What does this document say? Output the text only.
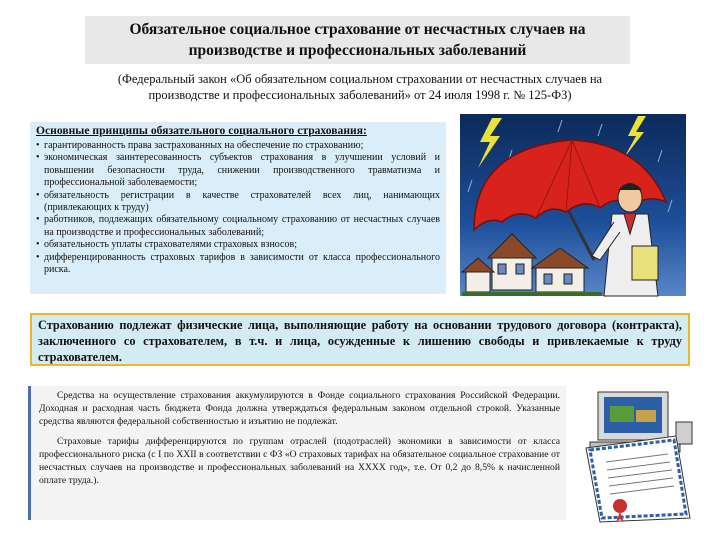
Обязательное социальное страхование от несчастных случаев на
производстве и профессиональных заболеваний
(Федеральный закон «Об обязательном социальном страховании от несчастных случаев на
производстве и профессиональных заболеваний» от 24 июля 1998 г. № 125-ФЗ)
Основные принципы обязательного социального страхования:
• гарантированность права застрахованных на обеспечение по страхованию;
• экономическая заинтересованность субъектов страхования в улучшении условий и повышении безопасности труда, снижении производственного травматизма и профессиональной заболеваемости;
• обязательность регистрации в качестве страхователей всех лиц, нанимающих (привлекающих к труду)
• работников, подлежащих обязательному социальному страхованию от несчастных случаев на производстве и профессиональных заболеваний;
• обязательность уплаты страхователями страховых взносов;
• дифференцированность страховых тарифов в зависимости от класса профессионального риска.
Страхованию подлежат физические лица, выполняющие работу на основании трудового договора (контракта), заключенного со страхователем, в т.ч. и лица, осужденные к лишению свободы и привлекаемые к труду страхователем.

Средства на осуществление страхования аккумулируются в Фонде социального страхования Российской Федерации. Доходная и расходная часть бюджета Фонда должна утверждаться федеральным законом отдельной строкой. Указанные средства являются федеральной собственностью и изъятию не подлежат.

Страховые тарифы дифференцируются по группам отраслей (подотраслей) экономики в зависимости от класса профессионального риска (с I по XXII в соответствии с ФЗ «О страховых тарифах на обязательное социальное страхование от несчастных случаев на производстве и профессиональных заболеваний на ХХХХ год», т.е. От 0,2 до 8,5% к начисленной оплате труда.).
